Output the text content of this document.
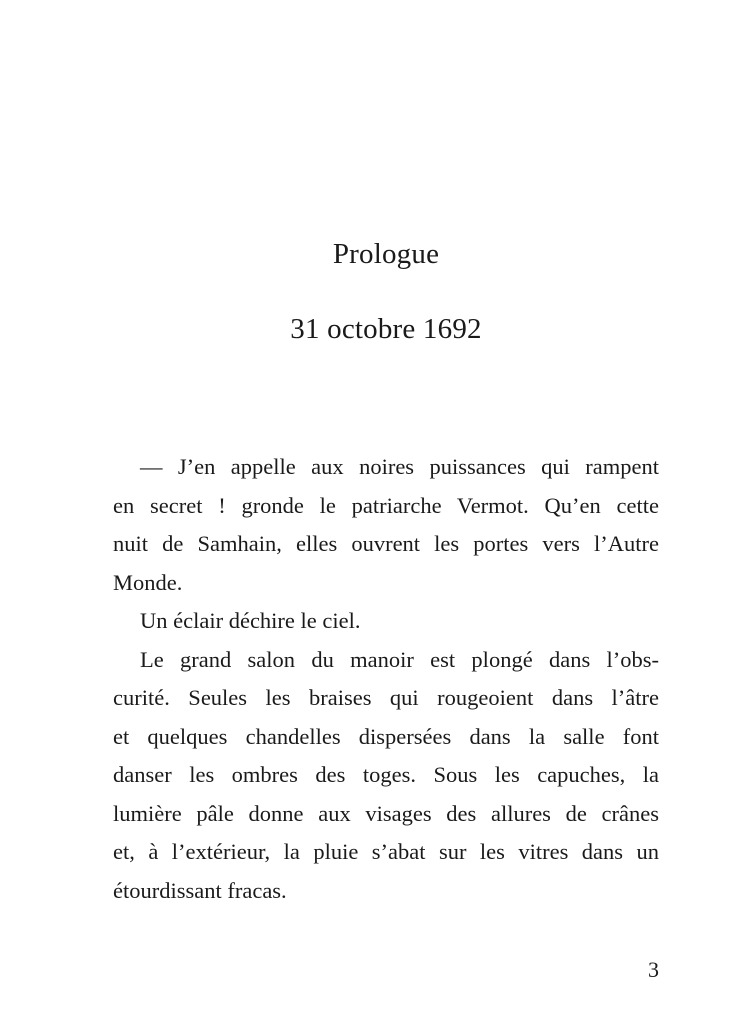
Prologue
31 octobre 1692
— J’en appelle aux noires puissances qui rampent
en secret ! gronde le patriarche Vermot. Qu’en cette
nuit de Samhain, elles ouvrent les portes vers l’Autre
Monde.
Un éclair déchire le ciel.
Le grand salon du manoir est plongé dans l’obs-
curité. Seules les braises qui rougeoient dans l’âtre
et quelques chandelles dispersées dans la salle font
danser les ombres des toges. Sous les capuches, la
lumière pâle donne aux visages des allures de crânes
et, à l’extérieur, la pluie s’abat sur les vitres dans un
étourdissant fracas.
3
